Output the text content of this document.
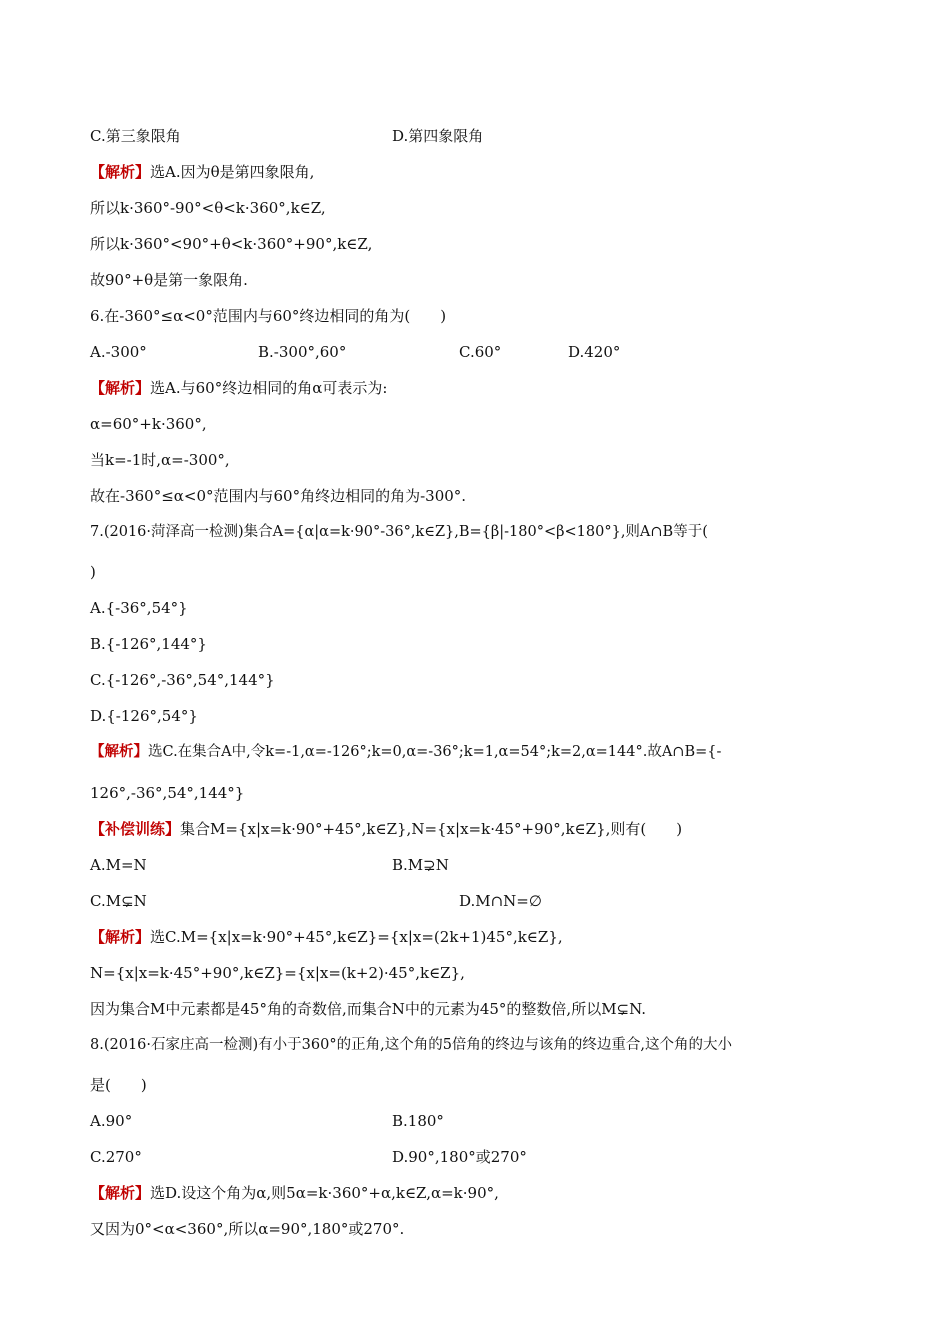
C.第三象限角	D.第四象限角
【解析】选A.因为θ是第四象限角,
所以k·360°-90°<θ<k·360°,k∈Z,
所以k·360°<90°+θ<k·360°+90°,k∈Z,
故90°+θ是第一象限角.
6.在-360°≤α<0°范围内与60°终边相同的角为(　　)
A.-300°	B.-300°,60°	C.60°	D.420°
【解析】选A.与60°终边相同的角α可表示为:
α=60°+k·360°,
当k=-1时,α=-300°,
故在-360°≤α<0°范围内与60°角终边相同的角为-300°.
7.(2016·菏泽高一检测)集合A={α|α=k·90°-36°,k∈Z},B={β|-180°<β<180°},则A∩B等于(
)
A.{-36°,54°}
B.{-126°,144°}
C.{-126°,-36°,54°,144°}
D.{-126°,54°}
【解析】选C.在集合A中,令k=-1,α=-126°;k=0,α=-36°;k=1,α=54°;k=2,α=144°.故A∩B={-
126°,-36°,54°,144°}
【补偿训练】集合M={x|x=k·90°+45°,k∈Z},N={x|x=k·45°+90°,k∈Z},则有(　　)
A.M=N	B.M⊋N
C.M⊊N	D.M∩N=∅
【解析】选C.M={x|x=k·90°+45°,k∈Z}={x|x=(2k+1)45°,k∈Z},
N={x|x=k·45°+90°,k∈Z}={x|x=(k+2)·45°,k∈Z},
因为集合M中元素都是45°角的奇数倍,而集合N中的元素为45°的整数倍,所以M⊊N.
8.(2016·石家庄高一检测)有小于360°的正角,这个角的5倍角的终边与该角的终边重合,这个角的大小
是(　　)
A.90°	B.180°
C.270°	D.90°,180°或270°
【解析】选D.设这个角为α,则5α=k·360°+α,k∈Z,α=k·90°,
又因为0°<α<360°,所以α=90°,180°或270°.
